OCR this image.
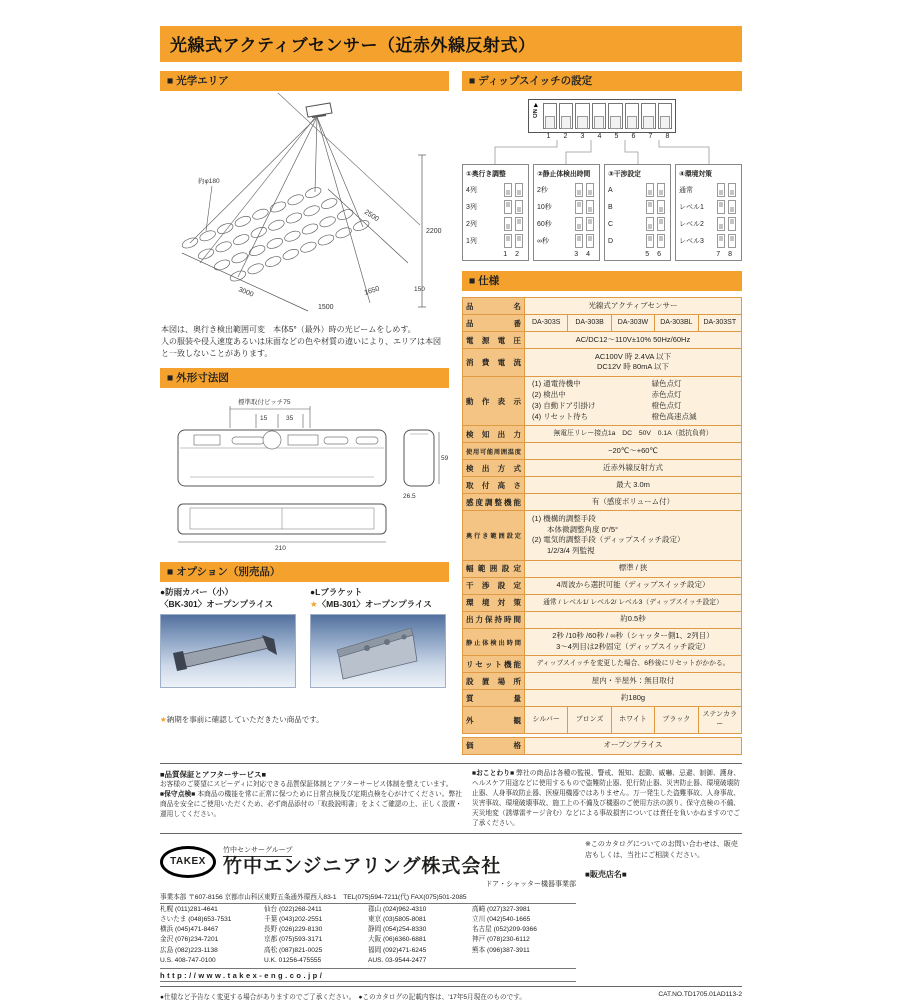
光線式アクティブセンサー（近赤外線反射式）
■ 光学エリア
2200
2500
150
3000
1500
1650
約φ180
本図は、奥行き検出範囲可変　本体5°（最外）時の光ビームをしめす。
人の服装や侵入速度あるいは床面などの色や材質の違いにより、エリアは本図と一致しないことがあります。
■ 外形寸法図
標準取付ピッチ75
15	35
59
26.5
210
■ オプション（別売品）
●防雨カバー（小）
〈BK-301〉オープンプライス
●Lブラケット
★〈MB-301〉オープンプライス
★納期を事前に確認していただきたい商品です。
■ ディップスイッチの設定
▲
ON
1	2	3	4	5	6	7	8
①奥行き調整
4列
3列
2列
1列
1 2
②静止体検出時間
2秒
10秒
60秒
∞秒
3 4
③干渉設定
A
B
C
D
5 6
④環境対策
通常
レベル1
レベル2
レベル3
7 8
■ 仕様
品名	光線式アクティブセンサー				
品番	DA-303S	DA-303B	DA-303W	DA-303BL	DA-303ST
電源電圧	AC/DC12～110V±10% 50Hz/60Hz				
消費電流	AC100V 時 2.4VA 以下
DC12V 時 80mA 以下				

動作表示	
(1) 通電待機中	緑色点灯
(2) 検出中	赤色点灯
(3) 自動ドア引掛け	橙色点灯
(4) リセット待ち	橙色高速点滅

検知出力	無電圧リレー接点1a　DC　50V　0.1A（抵抗負荷）				
使用可能周囲温度	−20℃～+60℃				
検出方式	近赤外線反射方式				
取付高さ	最大 3.0m				
感度調整機能	有（感度ボリューム付）				
奥行き範囲設定	(1) 機構的調整手段
　　本体微調整角度 0°/5°
(2) 電気的調整手段（ディップスイッチ設定）
　　1/2/3/4 列監視				

幅範囲設定	標準 / 狭				
干渉設定	4周波から選択可能（ディップスイッチ設定）				
環境対策	通常 / レベル1/ レベル2/ レベル3（ディップスイッチ設定）				
出力保持時間	約0.5秒				
静止体検出時間	2秒 /10秒 /60秒 / ∞秒（シャッター側1、2列目）
3～4列目は2秒固定（ディップスイッチ設定）				

リセット機能	ディップスイッチを変更した場合、6秒後にリセットがかかる。				
設置場所	屋内・半屋外：無目取付				
質量	約180g				
外観	シルバー	ブロンズ	ホワイト	ブラック	ステンカラー
価格	オープンプライス
■品質保証とアフターサービス■

お客様のご要望にスピーディに対応できる品質保証体制とアフターサービス体制を整えています。

■保守点検■ 本商品の機能を常に正常に保つために日常点検及び定期点検を心がけてください。弊社商品を安全にご使用いただくため、必ず商品添付の「取扱説明書」をよくご確認の上、正しく設置・運用してください。

■おことわり■ 弊社の商品は各種の監視、警戒、報知、起動、威嚇、忌避、制御、護身、ヘルスケア用途などに使用するもので盗難防止器、犯行防止器、災害防止器、環境破壊防止器、人身事故防止器、医療用機器ではありません。万一発生した盗難事故、人身事故、災害事故、環境破壊事故、施工上の不備及び機器のご使用方法の誤り、保守点検の不備、天災地変（誘導雷サージ含む）などによる事故損害については責任を負いかねますのでご了承ください。

TAKEX
竹中センサーグループ
竹中エンジニアリング株式会社
ドア・シャッター機器事業部
事業本部 〒607-8156 京都市山科区東野五条通外環西入83-1　TEL(075)594-7211(代) FAX(075)501-2085
札幌 (011)281-4641	仙台 (022)268-2411	郡山 (024)962-4310	高崎 (027)327-3981
さいたま (048)653-7531	千葉 (043)202-2551	東京 (03)5805-8081	立川 (042)540-1665
横浜 (045)471-8467	長野 (026)229-8130	静岡 (054)254-8330	名古屋 (052)209-9366
金沢 (076)234-7201	京都 (075)593-3171	大阪 (06)6360-6881	神戸 (078)230-6112
広島 (082)223-1138	高松 (087)821-0025	福岡 (092)471-6245	熊本 (096)387-3911
U.S. 408-747-0100	U.K. 01256-475555	AUS. 03-9544-2477
http://www.takex-eng.co.jp/
※このカタログについてのお問い合わせは、販売店もしくは、当社にご相談ください。
■販売店名■
●仕様など予告なく変更する場合がありますのでご了承ください。　 ●このカタログの記載内容は、'17年5月現在のものです。	CAT.NO.TD1705.01AD113-2
